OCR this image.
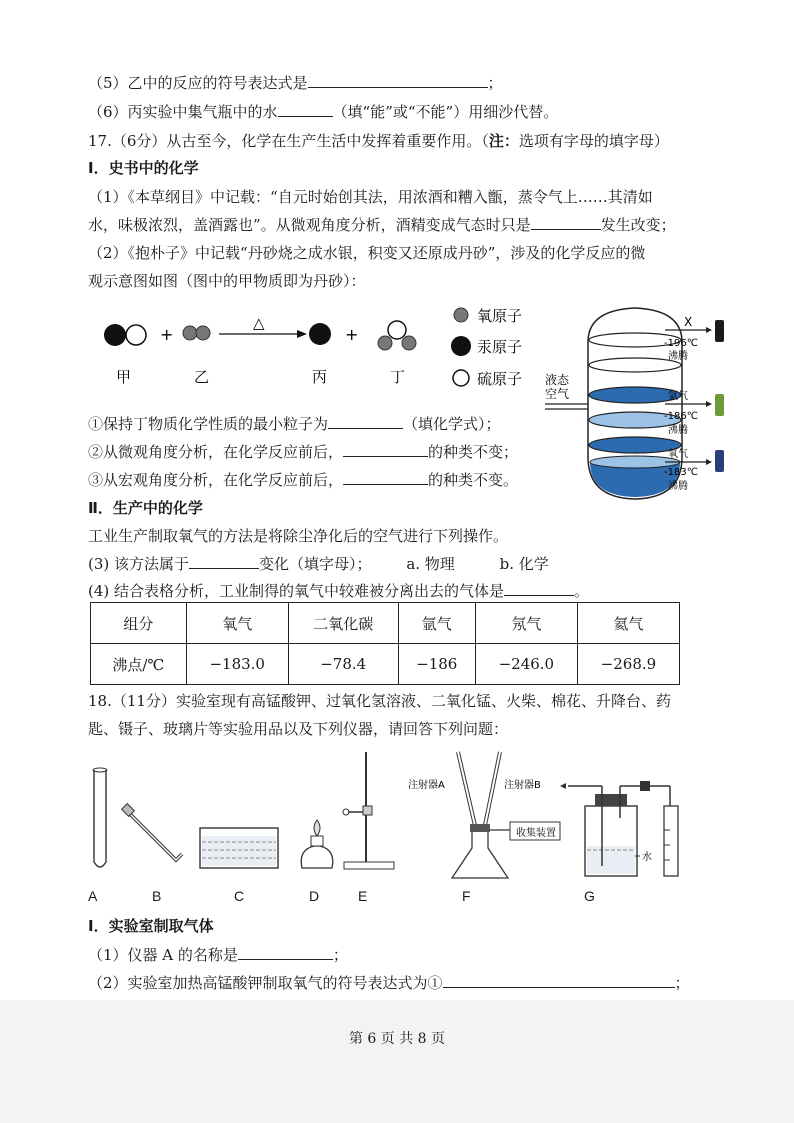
（5）乙中的反应的符号表达式是	；
（6）丙实验中集气瓶中的水	（填“能”或“不能”）用细沙代替。
17.（6分）从古至今，化学在生产生活中发挥着重要作用。（注：选项有字母的填字母）
Ⅰ．史书中的化学
（1）《本草纲目》中记载：“自元时始创其法，用浓酒和糟入甑，蒸令气上……其清如
水，味极浓烈，盖酒露也”。从微观角度分析，酒精变成气态时只是	发生改变；
（2）《抱朴子》中记载“丹砂烧之成水银，积变又还原成丹砂”，涉及的化学反应的微
观示意图如图（图中的甲物质即为丹砂）：
+
△
+
甲	乙	丙	丁
氧原子
汞原子
硫原子 液态
空气
X
-196℃
沸腾
氩气
-186℃
沸腾
氧气
-183℃
沸腾
①保持丁物质化学性质的最小粒子为	（填化学式）；
②从微观角度分析，在化学反应前后，	的种类不变；
③从宏观角度分析，在化学反应前后，	的种类不变。
Ⅱ．生产中的化学
工业生产制取氧气的方法是将除尘净化后的空气进行下列操作。
(3) 该方法属于	变化（填字母）； a. 物理	b. 化学
(4) 结合表格分析，工业制得的氧气中较难被分离出去的气体是	。
组分	氧气	二氧化碳	氩气	氖气	氦气
沸点/℃	−183.0	−78.4	−186	−246.0	−268.9
18.（11分）实验室现有高锰酸钾、过氧化氢溶液、二氧化锰、火柴、棉花、升降台、药
匙、镊子、玻璃片等实验用品以及下列仪器，请回答下列问题：
收集装置
注射器A	注射器B
水
A	B	C	D	E	F	G
Ⅰ．实验室制取气体
（1）仪器 A 的名称是	；
（2）实验室加热高锰酸钾制取氧气的符号表达式为①	；
第 6 页 共 8 页
